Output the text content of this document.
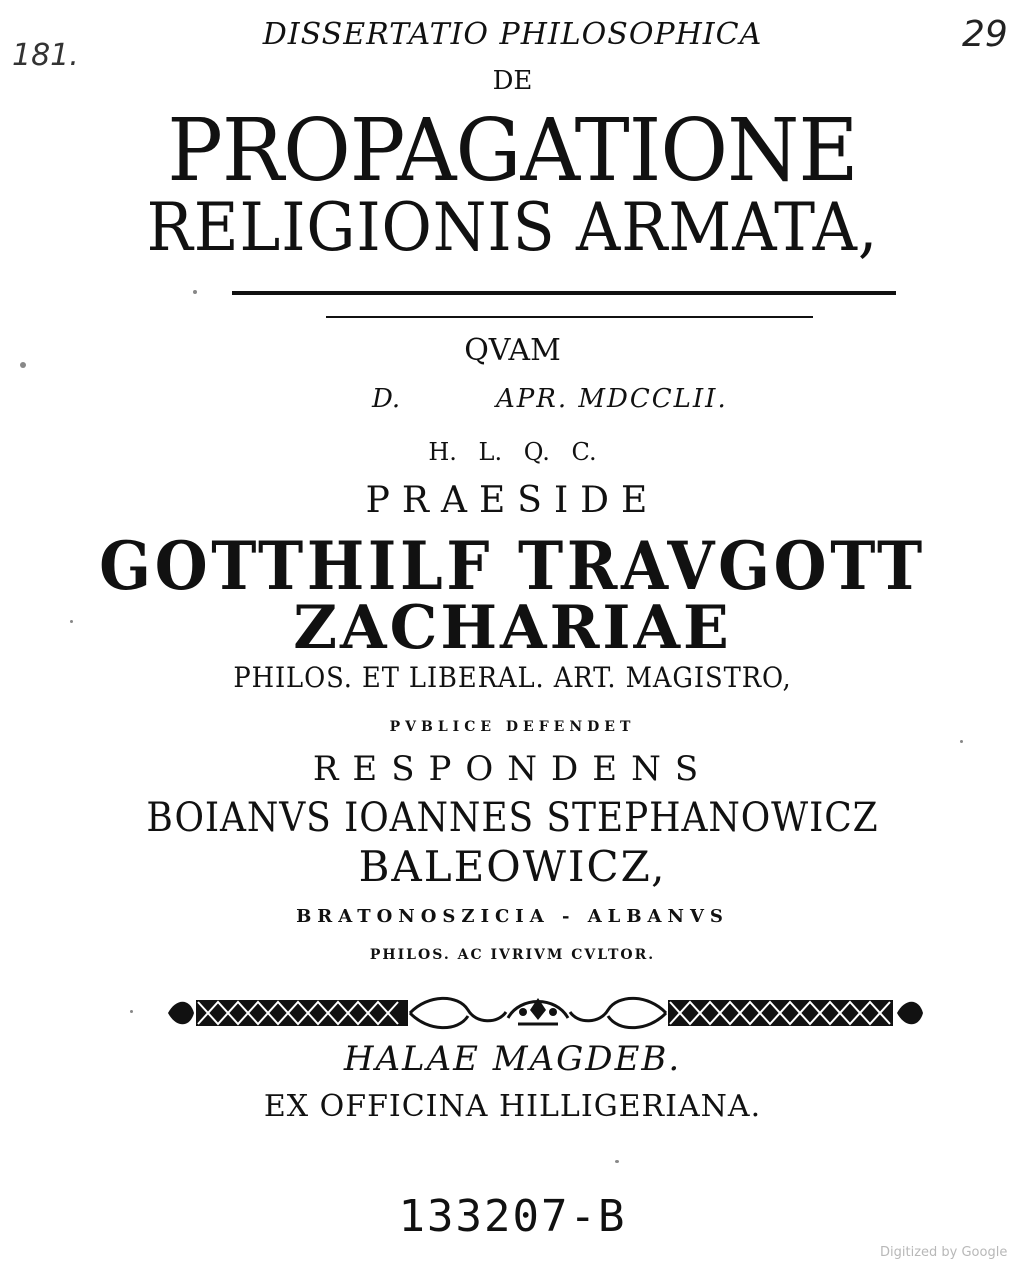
181.
29
DISSERTATIO PHILOSOPHICA
DE
PROPAGATIONE
RELIGIONIS ARMATA,
QVAM
D.	APR. MDCCLII.
H. L. Q. C.
PRAESIDE
GOTTHILF TRAVGOTT
ZACHARIAE
PHILOS. ET LIBERAL. ART. MAGISTRO,
PVBLICE DEFENDET
RESPONDENS
BOIANVS IOANNES STEPHANOWICZ
BALEOWICZ,
BRATONOSZICIA - ALBANVS
PHILOS. AC IVRIVM CVLTOR.
HALAE MAGDEB.
EX OFFICINA HILLIGERIANA.
133207-B
Digitized by Google
